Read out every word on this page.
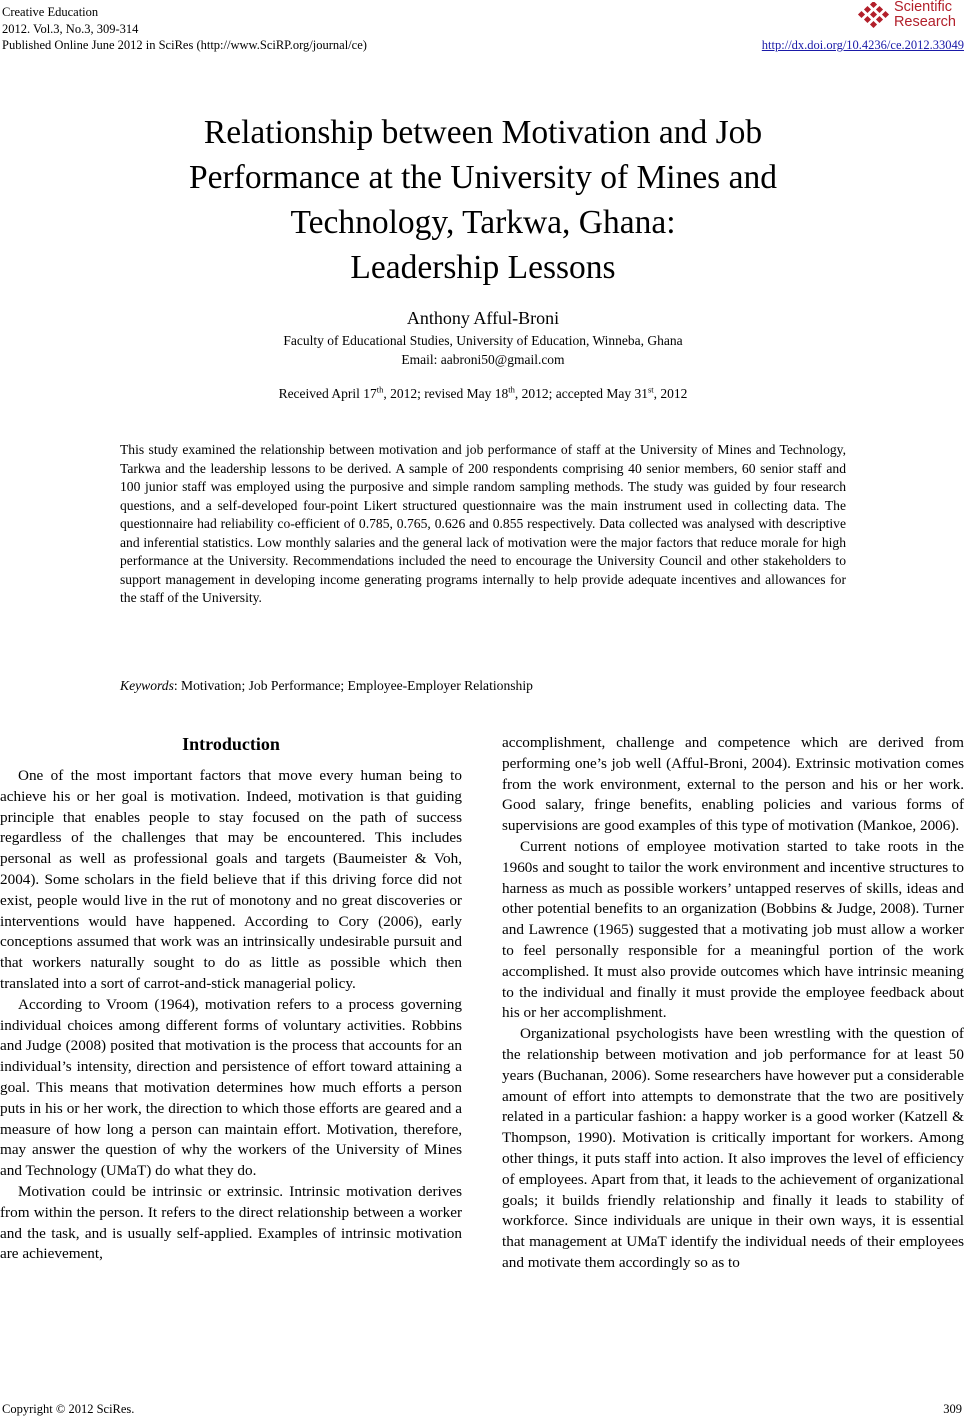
Creative Education
2012. Vol.3, No.3, 309-314
Published Online June 2012 in SciRes (http://www.SciRP.org/journal/ce)
Scientific
Research
http://dx.doi.org/10.4236/ce.2012.33049
Relationship between Motivation and Job
Performance at the University of Mines and
Technology, Tarkwa, Ghana:
Leadership Lessons
Anthony Afful-Broni
Faculty of Educational Studies, University of Education, Winneba, Ghana
Email: aabroni50@gmail.com
Received April 17th, 2012; revised May 18th, 2012; accepted May 31st, 2012
This study examined the relationship between motivation and job performance of staff at the University of Mines and Technology, Tarkwa and the leadership lessons to be derived. A sample of 200 respondents comprising 40 senior members, 60 senior staff and 100 junior staff was employed using the purposive and simple random sampling methods. The study was guided by four research questions, and a self-developed four-point Likert structured questionnaire was the main instrument used in collecting data. The questionnaire had reliability co-efficient of 0.785, 0.765, 0.626 and 0.855 respectively. Data collected was analysed with descriptive and inferential statistics. Low monthly salaries and the general lack of motivation were the major factors that reduce morale for high performance at the University. Recommendations included the need to encourage the University Council and other stakeholders to support management in developing income generating programs internally to help provide adequate incentives and allowances for the staff of the University.
Keywords: Motivation; Job Performance; Employee-Employer Relationship
Introduction

One of the most important factors that move every human being to achieve his or her goal is motivation. Indeed, motivation is that guiding principle that enables people to stay focused on the path of success regardless of the challenges that may be encountered. This includes personal as well as professional goals and targets (Baumeister & Voh, 2004). Some scholars in the field believe that if this driving force did not exist, people would live in the rut of monotony and no great discoveries or interventions would have happened. According to Cory (2006), early conceptions assumed that work was an intrinsically undesirable pursuit and that workers naturally sought to do as little as possible which then translated into a sort of carrot-and-stick managerial policy.

According to Vroom (1964), motivation refers to a process governing individual choices among different forms of voluntary activities. Robbins and Judge (2008) posited that motivation is the process that accounts for an individual’s intensity, direction and persistence of effort toward attaining a goal. This means that motivation determines how much efforts a person puts in his or her work, the direction to which those efforts are geared and a measure of how long a person can maintain effort. Motivation, therefore, may answer the question of why the workers of the University of Mines and Technology (UMaT) do what they do.

Motivation could be intrinsic or extrinsic. Intrinsic motivation derives from within the person. It refers to the direct relationship between a worker and the task, and is usually self-applied. Examples of intrinsic motivation are achievement,

accomplishment, challenge and competence which are derived from performing one’s job well (Afful-Broni, 2004). Extrinsic motivation comes from the work environment, external to the person and his or her work. Good salary, fringe benefits, enabling policies and various forms of supervisions are good examples of this type of motivation (Mankoe, 2006).

Current notions of employee motivation started to take roots in the 1960s and sought to tailor the work environment and incentive structures to harness as much as possible workers’ untapped reserves of skills, ideas and other potential benefits to an organization (Bobbins & Judge, 2008). Turner and Lawrence (1965) suggested that a motivating job must allow a worker to feel personally responsible for a meaningful portion of the work accomplished. It must also provide outcomes which have intrinsic meaning to the individual and finally it must provide the employee feedback about his or her accomplishment.

Organizational psychologists have been wrestling with the question of the relationship between motivation and job performance for at least 50 years (Buchanan, 2006). Some researchers have however put a considerable amount of effort into attempts to demonstrate that the two are positively related in a particular fashion: a happy worker is a good worker (Katzell & Thompson, 1990). Motivation is critically important for workers. Among other things, it puts staff into action. It also improves the level of efficiency of employees. Apart from that, it leads to the achievement of organizational goals; it builds friendly relationship and finally it leads to stability of workforce. Since individuals are unique in their own ways, it is essential that management at UMaT identify the individual needs of their employees and motivate them accordingly so as to

Copyright © 2012 SciRes.	309
